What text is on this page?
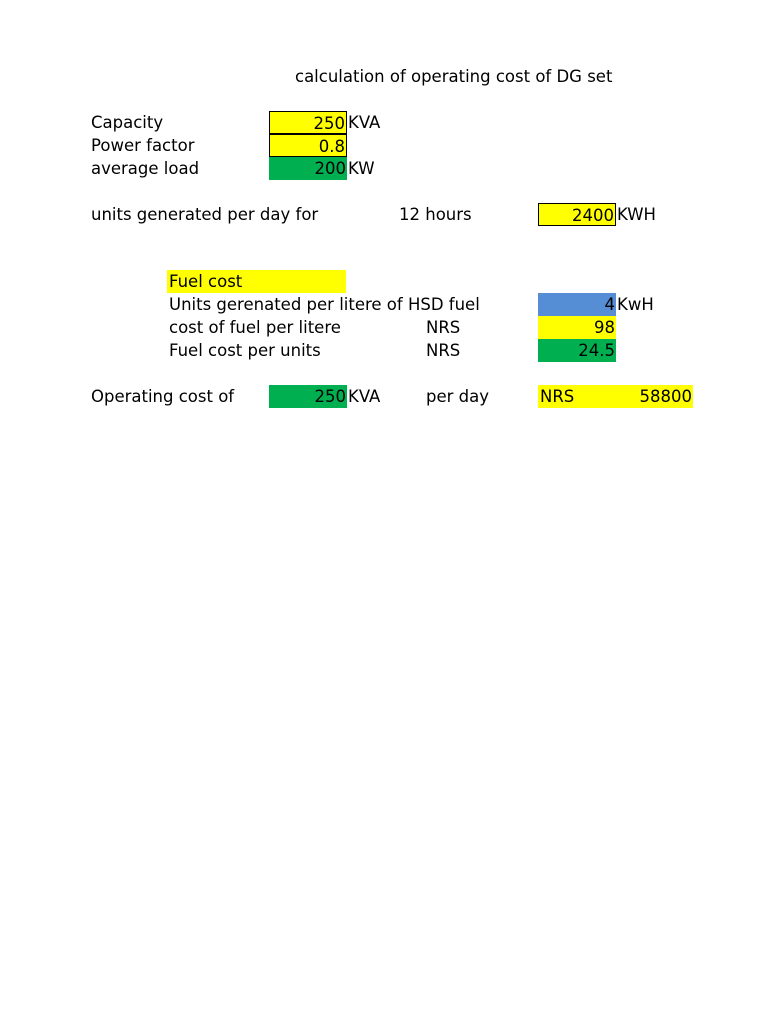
calculation of operating cost of DG set
Capacity	250 KVA
Power factor	0.8
average load	200 KW
units generated per day for	12 hours	2400 KWH
Fuel cost
Units gerenated per litere of HSD fuel	4 KwH
cost of fuel per litere	NRS	98
Fuel cost per units	NRS	24.5
Operating cost of	250 KVA	per day	NRS	58800
